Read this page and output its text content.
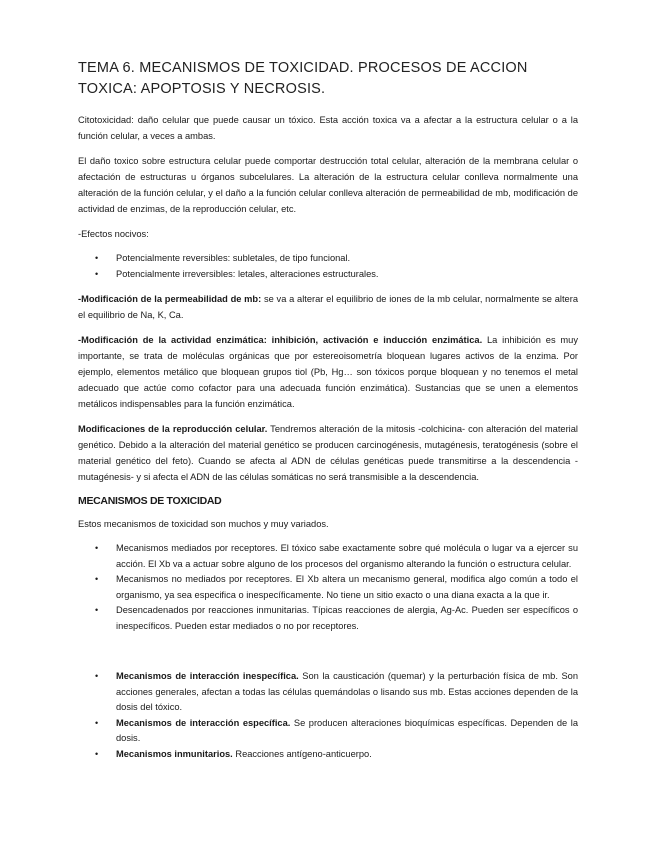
TEMA 6. MECANISMOS DE TOXICIDAD. PROCESOS DE ACCION TOXICA: APOPTOSIS Y NECROSIS.

Citotoxicidad: daño celular que puede causar un tóxico. Esta acción toxica va a afectar a la estructura celular o a la función celular, a veces a ambas.

El daño toxico sobre estructura celular puede comportar destrucción total celular, alteración de la membrana celular o afectación de estructuras u órganos subcelulares. La alteración de la estructura celular conlleva normalmente una alteración de la función celular, y el daño a la función celular conlleva alteración de permeabilidad de mb, modificación de actividad de enzimas, de la reproducción celular, etc.

-Efectos nocivos:

• Potencialmente reversibles: subletales, de tipo funcional.
• Potencialmente irreversibles: letales, alteraciones estructurales.

-Modificación de la permeabilidad de mb: se va a alterar el equilibrio de iones de la mb celular, normalmente se altera el equilibrio de Na, K, Ca.

-Modificación de la actividad enzimática: inhibición, activación e inducción enzimática. La inhibición es muy importante, se trata de moléculas orgánicas que por estereoisometría bloquean lugares activos de la enzima. Por ejemplo, elementos metálico que bloquean grupos tiol (Pb, Hg… son tóxicos porque bloquean y no tenemos el metal adecuado que actúe como cofactor para una adecuada función enzimática). Sustancias que se unen a elementos metálicos indispensables para la función enzimática.

Modificaciones de la reproducción celular. Tendremos alteración de la mitosis -colchicina- con alteración del material genético. Debido a la alteración del material genético se producen carcinogénesis, mutagénesis, teratogénesis (sobre el material genético del feto). Cuando se afecta al ADN de células genéticas puede transmitirse a la descendencia -mutagénesis- y si afecta el ADN de las células somáticas no será transmisible a la descendencia.

MECANISMOS DE TOXICIDAD

Estos mecanismos de toxicidad son muchos y muy variados.

• Mecanismos mediados por receptores. El tóxico sabe exactamente sobre qué molécula o lugar va a ejercer su acción. El Xb va a actuar sobre alguno de los procesos del organismo alterando la función o estructura celular.
• Mecanismos no mediados por receptores. El Xb altera un mecanismo general, modifica algo común a todo el organismo, ya sea especifica o inespecíficamente. No tiene un sitio exacto o una diana exacta a la que ir.
• Desencadenados por reacciones inmunitarias. Típicas reacciones de alergia, Ag-Ac. Pueden ser específicos o inespecíficos. Pueden estar mediados o no por receptores.
• Mecanismos de interacción inespecífica. Son la causticación (quemar) y la perturbación física de mb. Son acciones generales, afectan a todas las células quemándolas o lisando sus mb. Estas acciones dependen de la dosis del tóxico.
• Mecanismos de interacción específica. Se producen alteraciones bioquímicas específicas. Dependen de la dosis.
• Mecanismos inmunitarios. Reacciones antígeno-anticuerpo.
